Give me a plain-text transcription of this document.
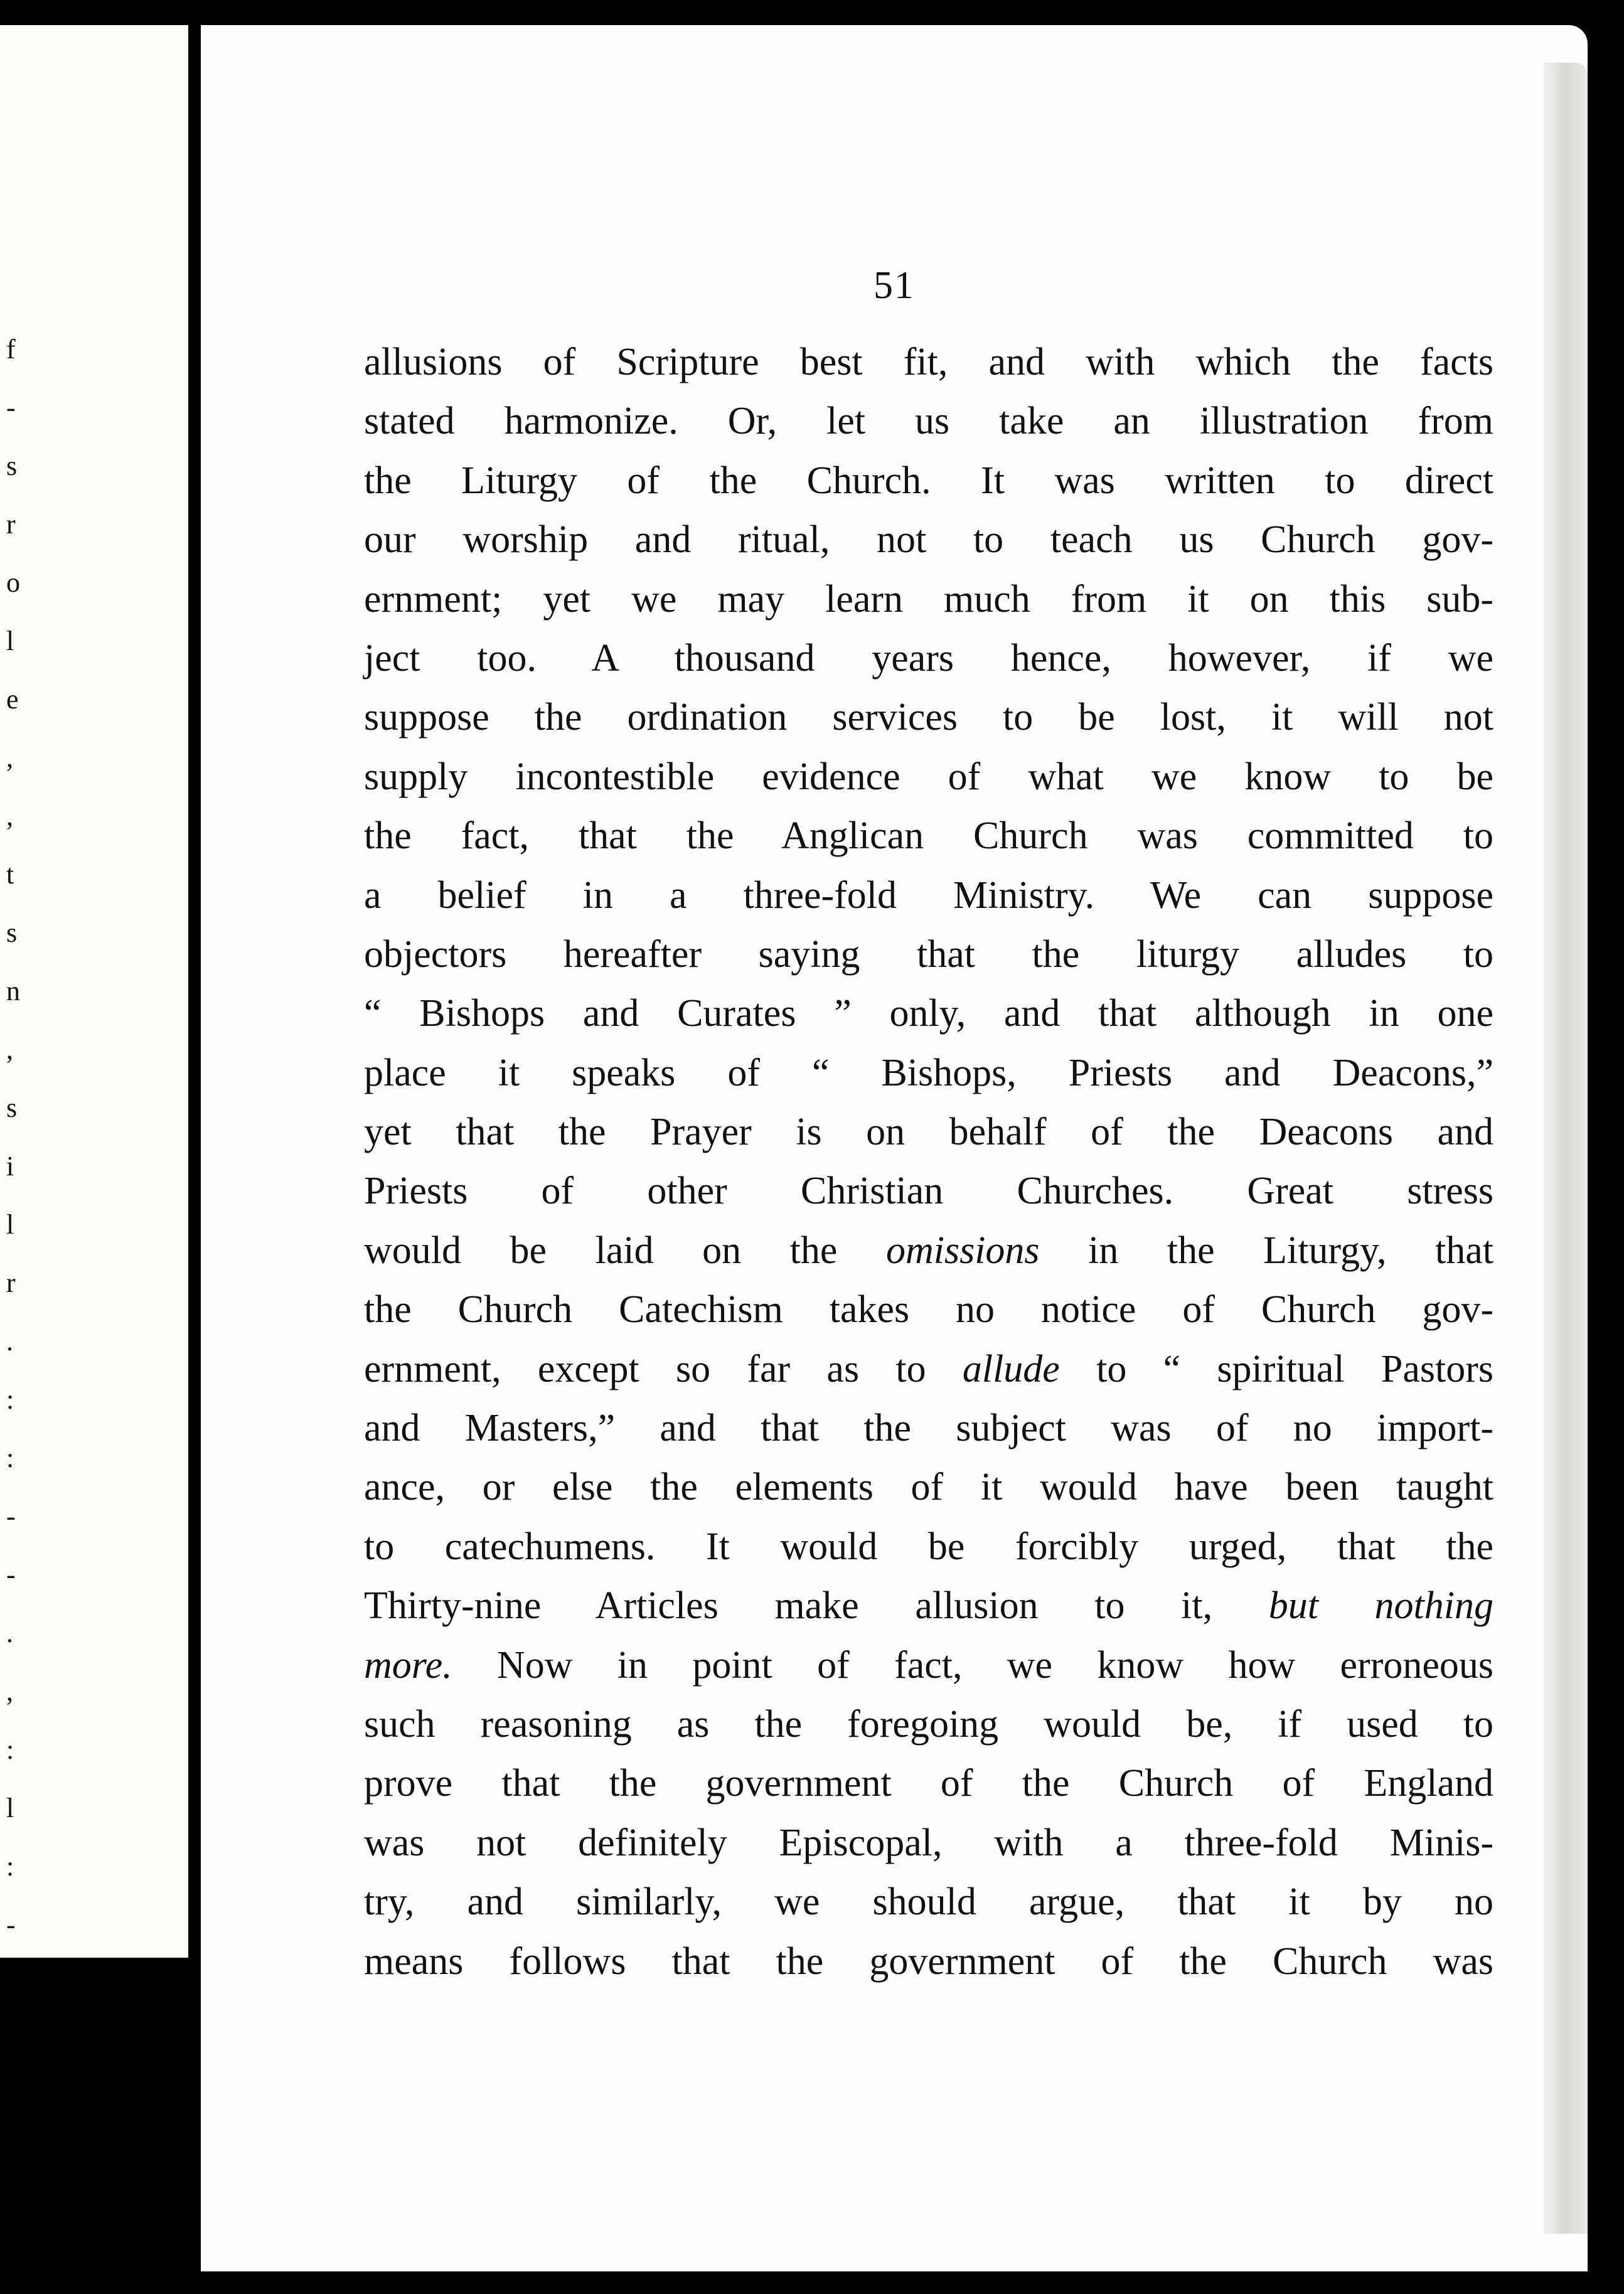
f
-
s
r
o
l
e
,
,
t
s
n
,
s
i
l
r
.
:
:
-
-
.
,
:
l
:
-
51
allusions of Scripture best fit, and with which the facts
stated harmonize. Or, let us take an illustration from
the Liturgy of the Church. It was written to direct
our worship and ritual, not to teach us Church gov-
ernment; yet we may learn much from it on this sub-
ject too. A thousand years hence, however, if we
suppose the ordination services to be lost, it will not
supply incontestible evidence of what we know to be
the fact, that the Anglican Church was committed to
a belief in a three-fold Ministry. We can suppose
objectors hereafter saying that the liturgy alludes to
“ Bishops and Curates ” only, and that although in one
place it speaks of “ Bishops, Priests and Deacons,”
yet that the Prayer is on behalf of the Deacons and
Priests of other Christian Churches. Great stress
would be laid on the omissions in the Liturgy, that
the Church Catechism takes no notice of Church gov-
ernment, except so far as to allude to “ spiritual Pastors
and Masters,” and that the subject was of no import-
ance, or else the elements of it would have been taught
to catechumens. It would be forcibly urged, that the
Thirty-nine Articles make allusion to it, but nothing
more. Now in point of fact, we know how erroneous
such reasoning as the foregoing would be, if used to
prove that the government of the Church of England
was not definitely Episcopal, with a three-fold Minis-
try, and similarly, we should argue, that it by no
means follows that the government of the Church was
